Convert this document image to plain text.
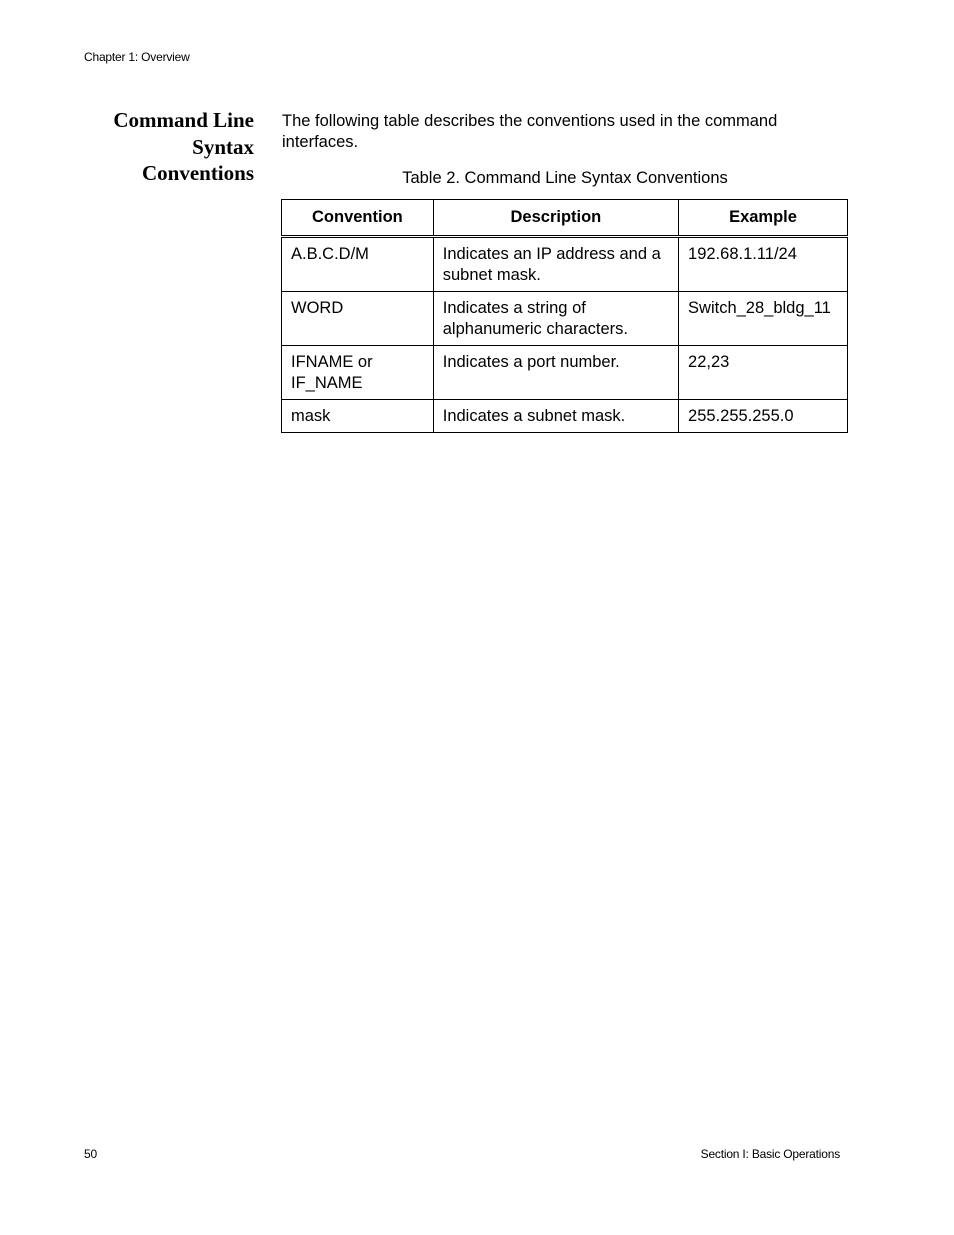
Chapter 1: Overview
Command Line
Syntax
Conventions
The following table describes the conventions used in the command interfaces.
Table 2. Command Line Syntax Conventions
Convention	Description	Example
A.B.C.D/M	Indicates an IP address and a subnet mask.	192.68.1.11/24
WORD	Indicates a string of alphanumeric characters.	Switch_28_bldg_11
IFNAME or IF_NAME	Indicates a port number.	22,23
mask	Indicates a subnet mask.	255.255.255.0
50	Section I: Basic Operations
